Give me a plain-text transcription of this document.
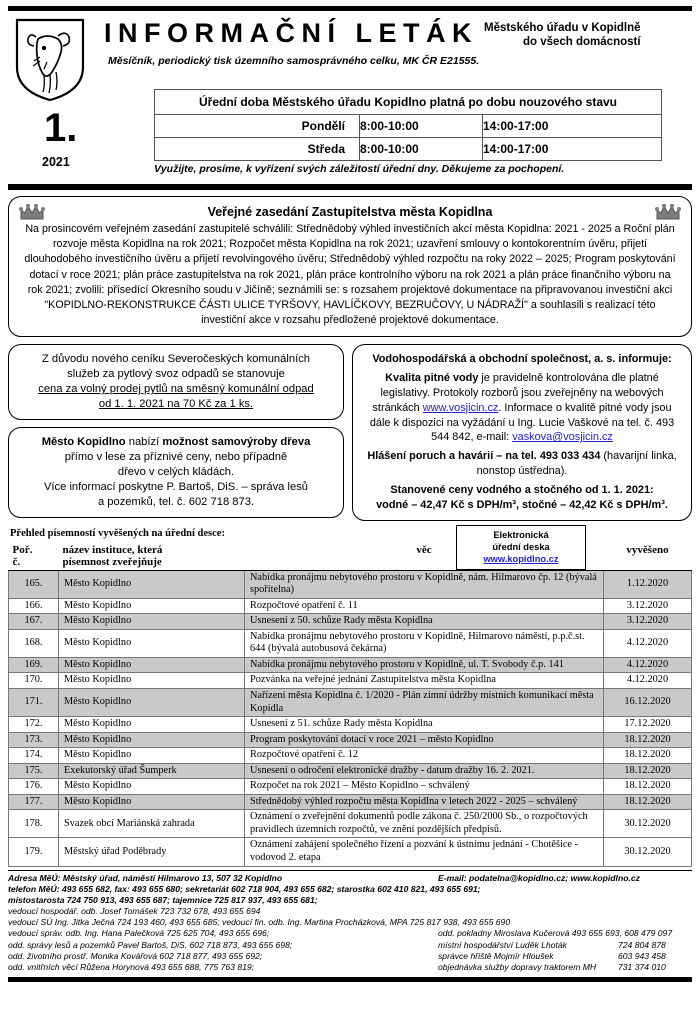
INFORMAČNÍ LETÁK Městského úřadu v Kopidlně
do všech domácností
Měsíčník, periodický tisk územního samosprávného celku, MK ČR E21555.
1.
2021
Úřední doba Městského úřadu Kopidlno platná po dobu nouzového stavu		
Pondělí	8:00-10:00	14:00-17:00
Středa	8:00-10:00	14:00-17:00
Využijte, prosíme, k vyřízení svých záležitostí úřední dny. Děkujeme za pochopení.
Veřejné zasedání Zastupitelstva města Kopidlna

Na prosincovém veřejném zasedání zastupitelé schválili: Střednědobý výhled investičních akcí města Kopidlna: 2021 - 2025 a Roční plán rozvoje města Kopidlna na rok 2021; Rozpočet města Kopidlna na rok 2021; uzavření smlouvy o kontokorentním úvěru, přijetí dlouhodobého investičního úvěru a přijetí revolvingového úvěru; Střednědobý výhled rozpočtu na roky 2022 – 2025; Program poskytování dotací v roce 2021; plán práce zastupitelstva na rok 2021, plán práce kontrolního výboru na rok 2021 a plán práce finančního výboru na rok 2021; zvolili: přísedící Okresního soudu v Jičíně; seznámili se: s rozsahem projektové dokumentace na připravovanou investiční akci "KOPIDLNO-REKONSTRUKCE ČÁSTI ULICE TYRŠOVY, HAVLÍČKOVY, BEZRUČOVY, U NÁDRAŽÍ" a souhlasili s realizací této investiční akce v rozsahu předložené projektové dokumentace.

Z důvodu nového ceníku Severočeských komunálních

služeb za pytlový svoz odpadů se stanovuje

cena za volný prodej pytlů na směsný komunální odpad

od 1. 1. 2021 na 70 Kč za 1 ks.

Město Kopidlno nabízí možnost samovýroby dřeva

přímo v lese za příznivé ceny, nebo případně

dřevo v celých kládách.

Více informací poskytne P. Bartoš, DiS. – správa lesů

a pozemků, tel. č. 602 718 873.

Vodohospodářská a obchodní společnost, a. s. informuje:

Kvalita pitné vody je pravidelně kontrolována dle platné legislativy. Protokoly rozborů jsou zveřejněny na webových stránkách www.vosjicin.cz. Informace o kvalitě pitné vody jsou dále k dispozici na vyžádání u Ing. Lucie Vaškové na tel. č. 493 544 842, e-mail: vaskova@vosjicin.cz

Hlášení poruch a havárií – na tel. 493 033 434 (havarijní linka, nonstop ústředna).

Stanovené ceny vodného a stočného od 1. 1. 2021:

vodné – 42,47 Kč s DPH/m³, stočné – 42,42 Kč s DPH/m³.

Přehled písemností vyvěšených na úřední desce:	Elektronická
úřední deska
www.kopidlno.cz
Poř.
č.

název instituce, která
písemnost zveřejňuje
	věc	vyvěšeno
165.	Město Kopidlno	Nabídka pronájmu nebytového prostoru v Kopidlně, nám. Hilmarovo čp. 12 (bývalá spořitelna)	1.12.2020
166.	Město Kopidlno	Rozpočtové opatření č. 11	3.12.2020
167.	Město Kopidlno	Usnesení z 50. schůze Rady města Kopidlna	3.12.2020
168.	Město Kopidlno	Nabídka pronájmu nebytového prostoru v Kopidlně, Hilmarovo náměstí, p.p.č.st. 644 (bývalá autobusová čekárna)	4.12.2020
169.	Město Kopidlno	Nabídka pronájmu nebytového prostoru v Kopidlně, ul. T. Svobody č.p. 141	4.12.2020
170.	Město Kopidlno	Pozvánka na veřejné jednání Zastupitelstva města Kopidlna	4.12.2020
171.	Město Kopidlno	Nařízení města Kopidlna č. 1/2020 - Plán zimní údržby místních komunikací města Kopidla	16.12.2020
172.	Město Kopidlno	Usnesení z 51. schůze Rady města Kopidlna	17.12.2020
173.	Město Kopidlno	Program poskytování dotací v roce 2021 – město Kopidlno	18.12.2020
174.	Město Kopidlno	Rozpočtové opatření č. 12	18.12.2020
175.	Exekutorský úřad Šumperk	Usnesení o odročení elektronické dražby - datum dražby 16. 2. 2021.	18.12.2020
176.	Město Kopidlno	Rozpočet na rok 2021 – Město Kopidlno – schválený	18.12.2020
177.	Město Kopidlno	Střednědobý výhled rozpočtu města Kopidlna v letech 2022 - 2025 – schválený	18.12.2020
178.	Svazek obcí Mariánská zahrada	Oznámení o zveřejnění dokumentů podle zákona č. 250/2000 Sb., o rozpočtových pravidlech územních rozpočtů, ve znění pozdějších předpisů.	30.12.2020
179.	Městský úřad Poděbrady	Oznámení zahájení společného řízení a pozvání k ústnímu jednání - Chotěšice - vodovod 2. etapa	30.12.2020
Adresa MěÚ: Městský úřad, náměstí Hilmarovo 13, 507 32 Kopidlno	E-mail: podatelna@kopidlno.cz; www.kopidlno.cz
telefon MěÚ: 493 655 682, fax: 493 655 680; sekretariát 602 718 904, 493 655 682; starostka 602 410 821, 493 655 691;
místostarosta 724 750 913, 493 655 687; tajemnice 725 817 937, 493 655 681;
vedoucí hospodář. odb. Josef Tomášek 723 732 678, 493 655 694
vedoucí SÚ Ing. Jitka Ječná 724 193 460, 493 655 685; vedoucí fin. odb. Ing. Martina Procházková, MPA 725 817 938, 493 655 690
vedoucí správ. odb. Ing. Hana Palečková 725 625 704, 493 655 696;	odd. pokladny Miroslava Kučerová 493 655 693, 608 479 097
odd. správy lesů a pozemků Pavel Bartoš, DiS. 602 718 873, 493 655 698;	místní hospodářství Luděk Lhoták	724 804 878
odd. životního prostř. Monika Kovářová 602 718 877, 493 655 692;	správce hřiště Mojmír Hloušek	603 943 458
odd. vnitřních věcí Růžena Horynová 493 655 688, 775 763 819;	objednávka služby dopravy traktorem MH	731 374 010
